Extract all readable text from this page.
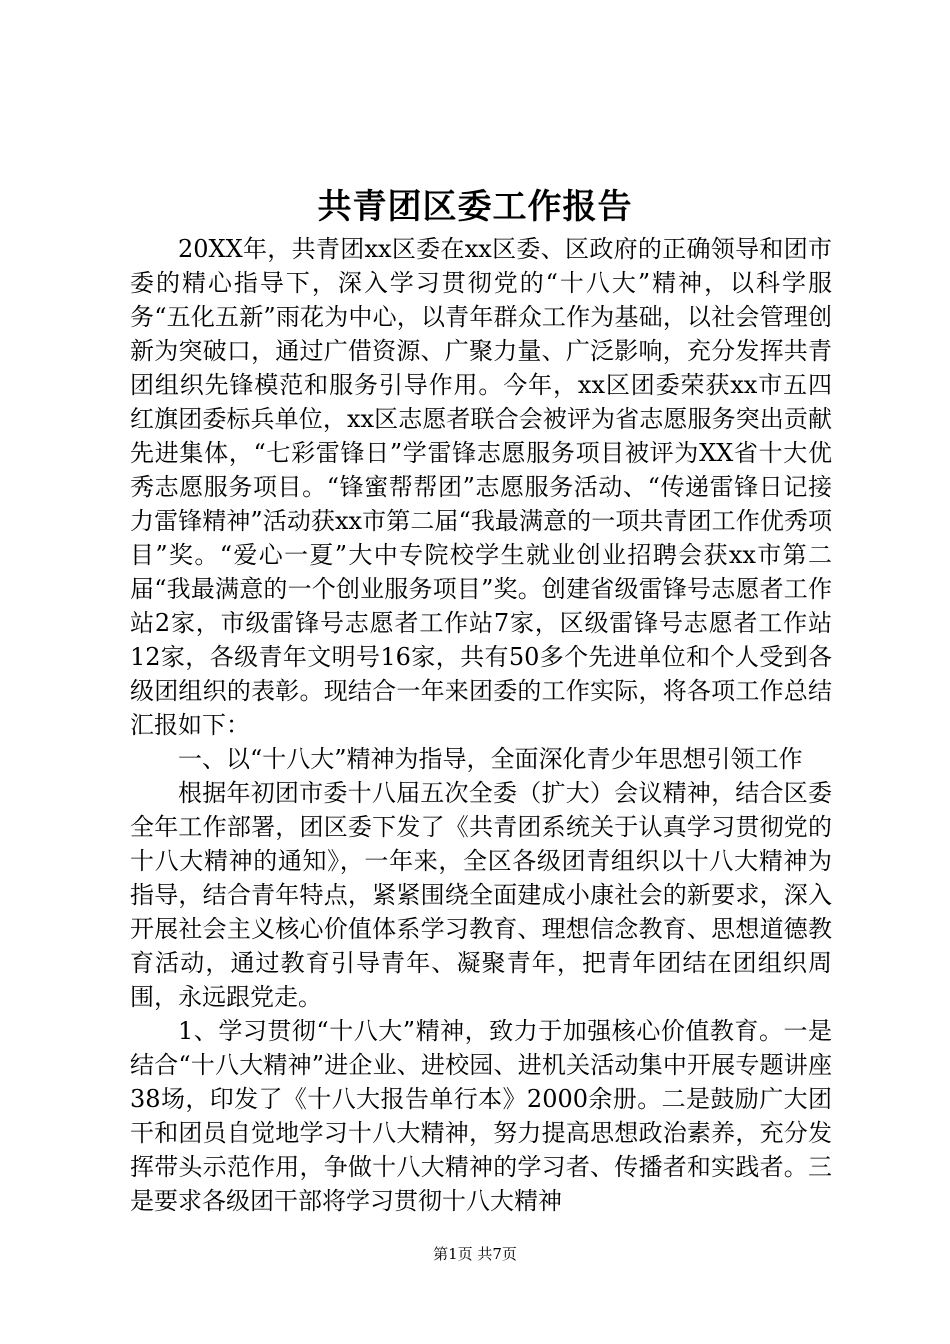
共青团区委工作报告

20XX年，共青团xx区委在xx区委、区政府的正确领导和团市委的精心指导下，深入学习贯彻党的“十八大”精神，以科学服务“五化五新”雨花为中心，以青年群众工作为基础，以社会管理创新为突破口，通过广借资源、广聚力量、广泛影响，充分发挥共青团组织先锋模范和服务引导作用。今年，xx区团委荣获xx市五四红旗团委标兵单位，xx区志愿者联合会被评为省志愿服务突出贡献先进集体，“七彩雷锋日”学雷锋志愿服务项目被评为XX省十大优秀志愿服务项目。“锋蜜帮帮团”志愿服务活动、“传递雷锋日记接力雷锋精神”活动获xx市第二届“我最满意的一项共青团工作优秀项目”奖。“爱心一夏”大中专院校学生就业创业招聘会获xx市第二届“我最满意的一个创业服务项目”奖。创建省级雷锋号志愿者工作站2家，市级雷锋号志愿者工作站7家，区级雷锋号志愿者工作站12家，各级青年文明号16家，共有50多个先进单位和个人受到各级团组织的表彰。现结合一年来团委的工作实际，将各项工作总结汇报如下：

一、以“十八大”精神为指导，全面深化青少年思想引领工作

根据年初团市委十八届五次全委（扩大）会议精神，结合区委全年工作部署，团区委下发了《共青团系统关于认真学习贯彻党的十八大精神的通知》，一年来，全区各级团青组织以十八大精神为指导，结合青年特点，紧紧围绕全面建成小康社会的新要求，深入开展社会主义核心价值体系学习教育、理想信念教育、思想道德教育活动，通过教育引导青年、凝聚青年，把青年团结在团组织周围，永远跟党走。

1、学习贯彻“十八大”精神，致力于加强核心价值教育。一是结合“十八大精神”进企业、进校园、进机关活动集中开展专题讲座38场，印发了《十八大报告单行本》2000余册。二是鼓励广大团干和团员自觉地学习十八大精神，努力提高思想政治素养，充分发挥带头示范作用，争做十八大精神的学习者、传播者和实践者。三是要求各级团干部将学习贯彻十八大精神

第1页 共7页
